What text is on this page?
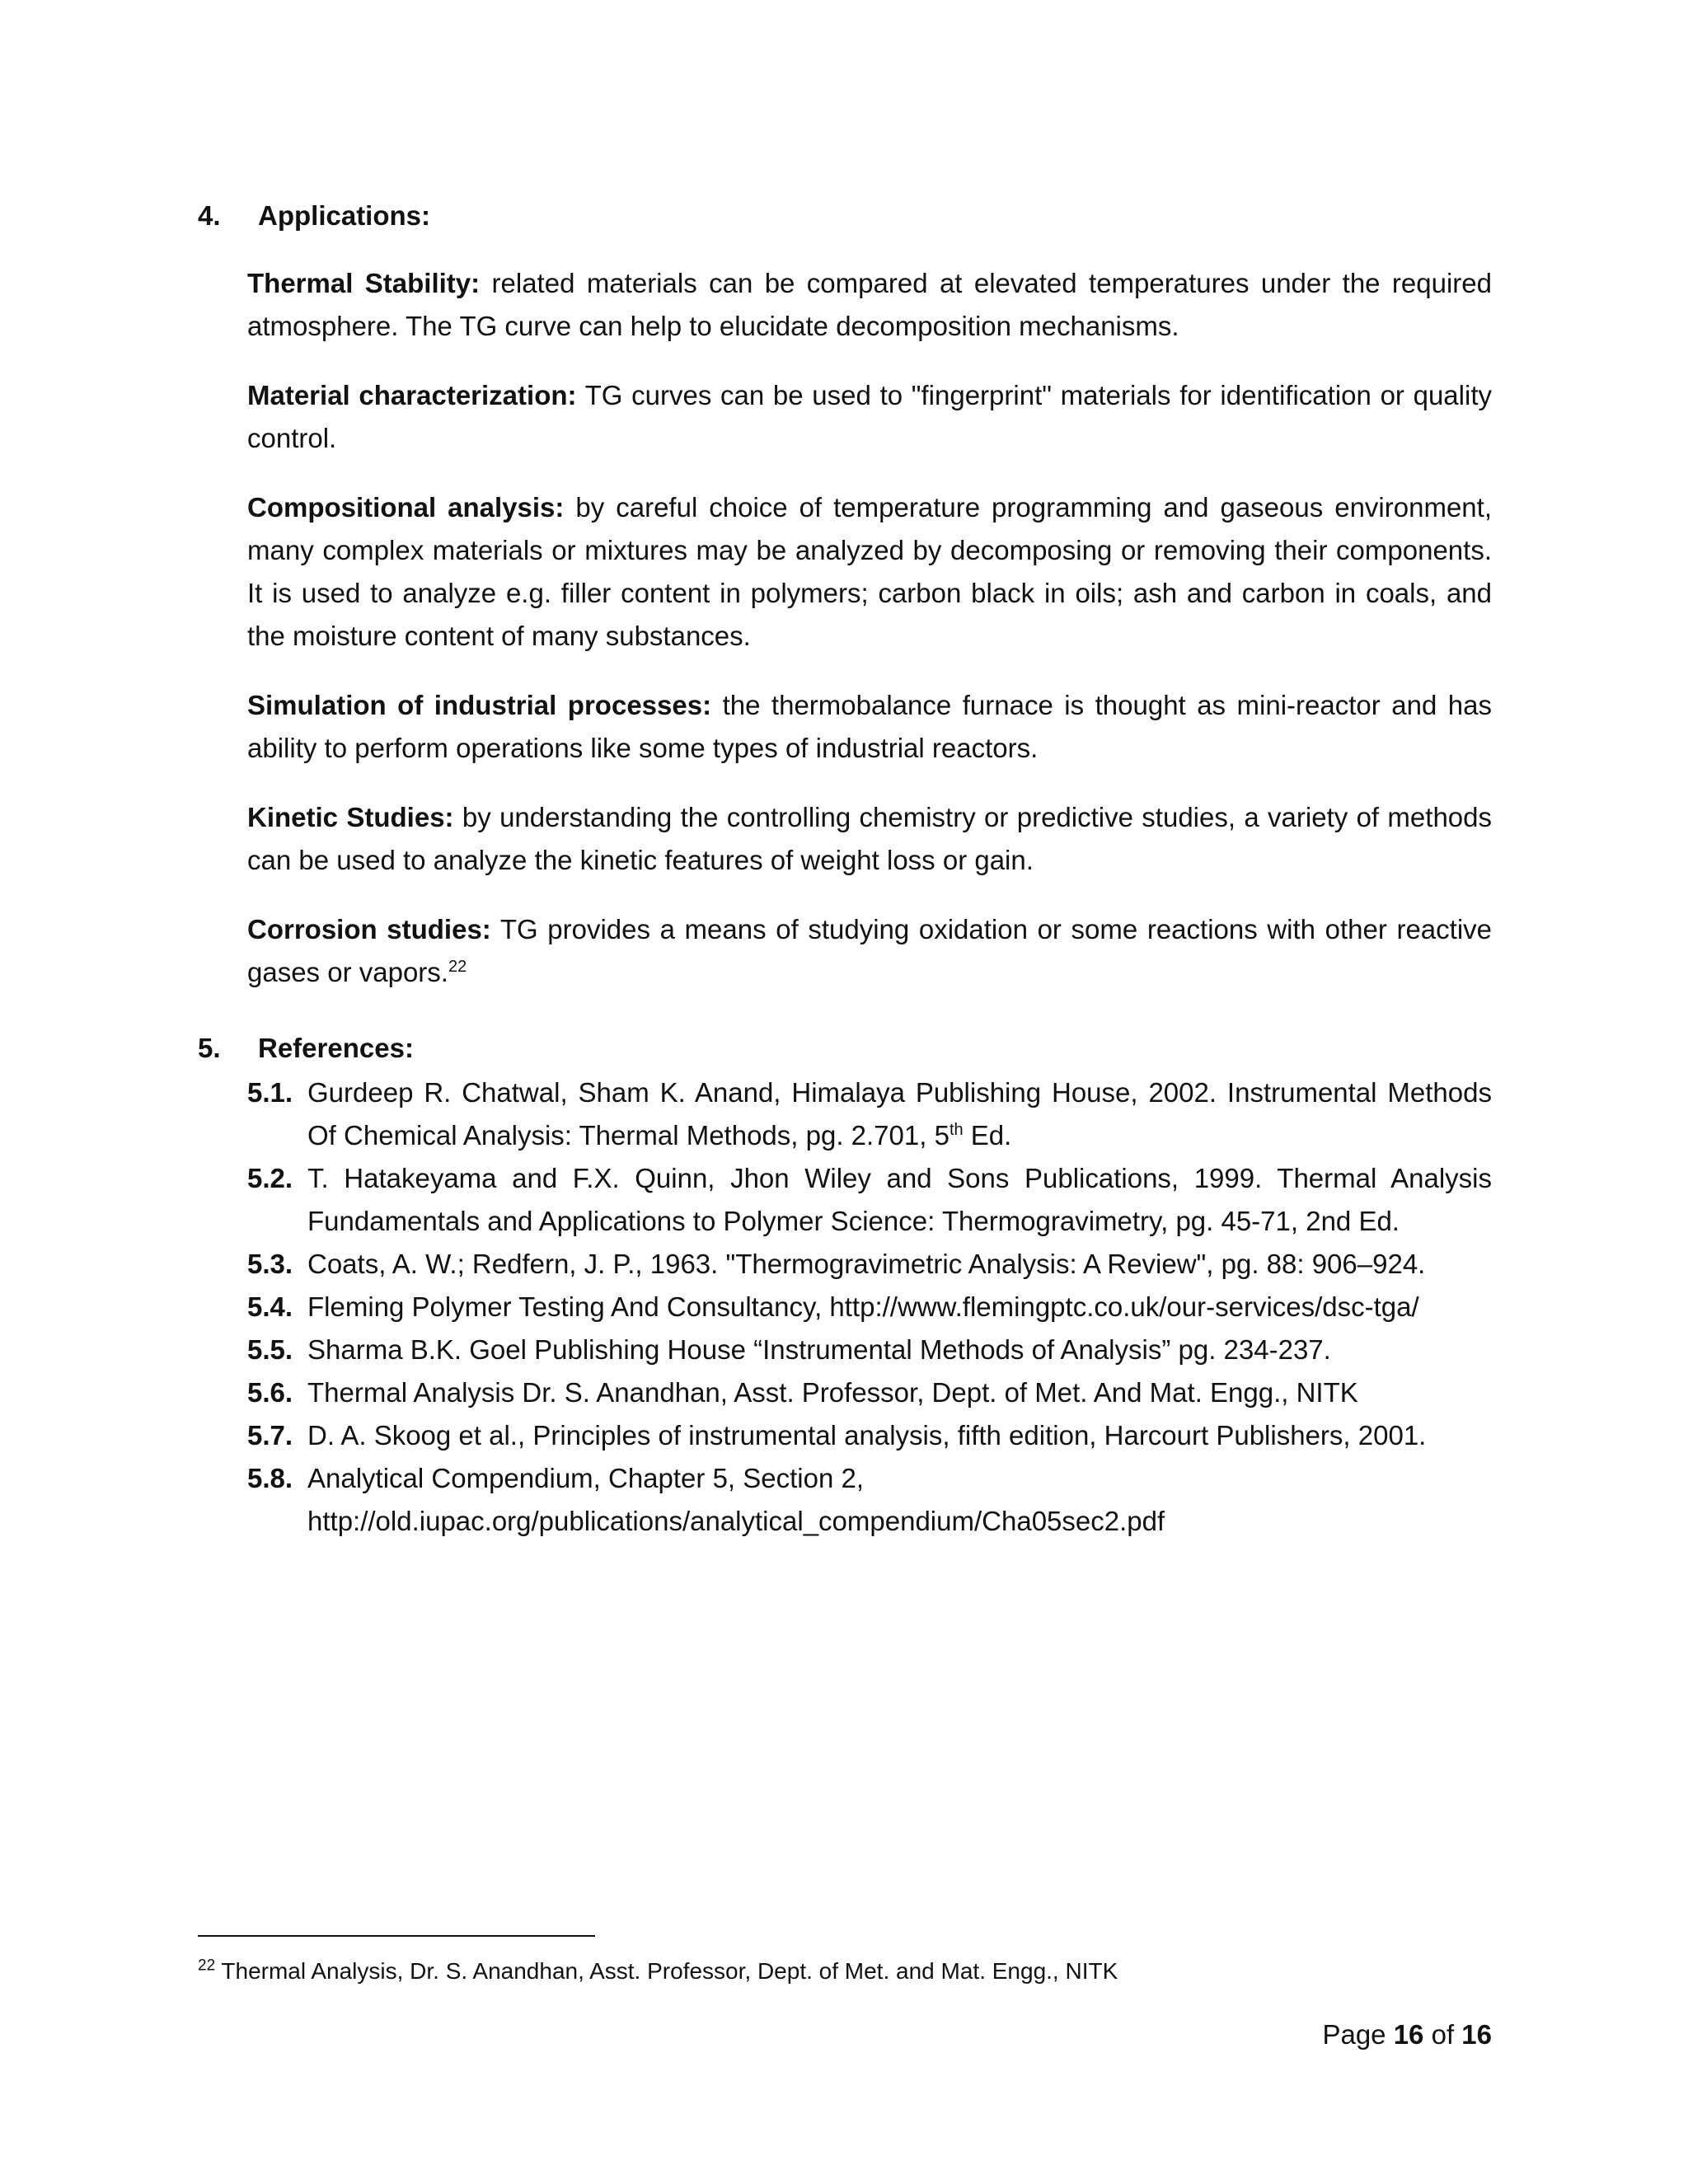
4. Applications:

Thermal Stability: related materials can be compared at elevated temperatures under the required atmosphere. The TG curve can help to elucidate decomposition mechanisms.

Material characterization: TG curves can be used to "fingerprint" materials for identification or quality control.

Compositional analysis: by careful choice of temperature programming and gaseous environment, many complex materials or mixtures may be analyzed by decomposing or removing their components. It is used to analyze e.g. filler content in polymers; carbon black in oils; ash and carbon in coals, and the moisture content of many substances.

Simulation of industrial processes: the thermobalance furnace is thought as mini-reactor and has ability to perform operations like some types of industrial reactors.

Kinetic Studies: by understanding the controlling chemistry or predictive studies, a variety of methods can be used to analyze the kinetic features of weight loss or gain.

Corrosion studies: TG provides a means of studying oxidation or some reactions with other reactive gases or vapors.$^{22}$

5. References:
5.1. Gurdeep R. Chatwal, Sham K. Anand, Himalaya Publishing House, 2002. Instrumental Methods Of Chemical Analysis: Thermal Methods, pg. 2.701, 5th Ed.
5.2. T. Hatakeyama and F.X. Quinn, Jhon Wiley and Sons Publications, 1999. Thermal Analysis Fundamentals and Applications to Polymer Science: Thermogravimetry, pg. 45-71, 2nd Ed.
5.3. Coats, A. W.; Redfern, J. P., 1963. "Thermogravimetric Analysis: A Review", pg. 88: 906–924.
5.4. Fleming Polymer Testing And Consultancy, http://www.flemingptc.co.uk/our-services/dsc-tga/
5.5. Sharma B.K. Goel Publishing House “Instrumental Methods of Analysis” pg. 234-237.
5.6. Thermal Analysis Dr. S. Anandhan, Asst. Professor, Dept. of Met. And Mat. Engg., NITK
5.7. D. A. Skoog et al., Principles of instrumental analysis, fifth edition, Harcourt Publishers, 2001.
5.8. Analytical Compendium, Chapter 5, Section 2,
http://old.iupac.org/publications/analytical_compendium/Cha05sec2.pdf
$^{22}$ Thermal Analysis, Dr. S. Anandhan, Asst. Professor, Dept. of Met. and Mat. Engg., NITK
Page 16 of 16
